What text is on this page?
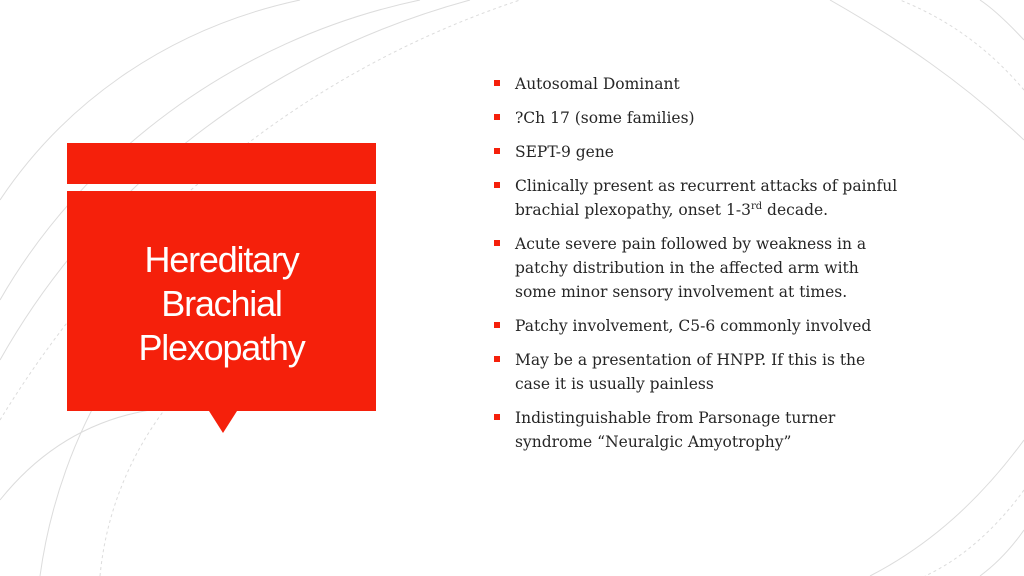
Hereditary
Brachial
Plexopathy
Autosomal Dominant
?Ch 17 (some families)
SEPT-9 gene
Clinically present as recurrent attacks of painful brachial plexopathy, onset 1-3rd decade.
Acute severe pain followed by weakness in a patchy distribution in the affected arm with some minor sensory involvement at times.
Patchy involvement, C5-6 commonly involved
May be a presentation of HNPP. If this is the case it is usually painless
Indistinguishable from Parsonage turner syndrome “Neuralgic Amyotrophy”
